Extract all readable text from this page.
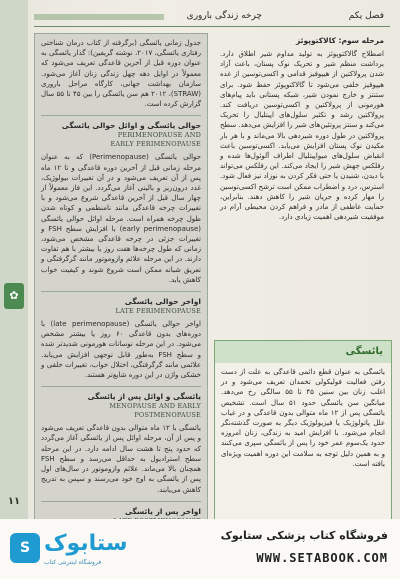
✿
۱۱
چرخه زندگی باروری	فصل یکم

جدول زمانی یائسگی (برگرفته از کتاب درمان شناختی رفتاری یائسگی، ۲۰۱۷، نوشته گریفین): گذار یائسگی به عنوان دوره قبل از آخرین قاعدگی تعریف می‌شود که معمولاً در اوایل دهه چهل زندگی زنان آغاز می‌شود. سازمان بهداشت جهانی، کارگاه مراحل باروری (STRAW)، ۲۰۱۲ هم سن یائسگی را بین ۴۵ تا ۵۵ سال گزارش کرده است.

حوالی یائسگی و اوائل حوالی یائسگی

PERIMENOPAUSE AND

EARLY PERIMENOPAUSE

حوالی یائسگی (Perimenopause) که به عنوان مرحله زمانی قبل از آخرین دوره قاعدگی و تا ۱۲ ماه پس از آن تعریف می‌شود و در آن تغییرات بیولوژیک، غدد درون‌ریز و بالینی آغاز می‌گردد. این فاز معمولاً از چهار سال قبل از آخرین قاعدگی شروع می‌شود و با تغییرات چرخه قاعدگی مانند نامنظمی و کوتاه شدن طول چرخه همراه است. مرحله اوائل حوالی یائسگی (early perimenopause) با افزایش سطح FSH و تغییرات جزئی در چرخه قاعدگی مشخص می‌شود، زمانی که طول چرخه‌ها هفت روز یا بیشتر با هم تفاوت دارند. در این مرحله علائم وازوموتور مانند گرگرفتگی و تعریق شبانه ممکن است شروع شوند و کیفیت خواب کاهش یابد.

اواخر حوالی یائسگی

LATE PERIMENOPAUSE

اواخر حوالی یائسگی (late perimenopause) با دوره‌های بدون قاعدگی ۶۰ روز یا بیشتر مشخص می‌شود. در این مرحله نوسانات هورمونی شدیدتر شده و سطح FSH به‌طور قابل توجهی افزایش می‌یابد. علائمی مانند گرگرفتگی، اختلال خواب، تغییرات خلقی و خشکی واژن در این دوره شایع‌تر هستند.

یائسگی و اوائل پس از یائسگی

MENOPAUSE AND EARLY

POSTMENOPAUSE

یائسگی با ۱۲ ماه متوالی بدون قاعدگی تعریف می‌شود و پس از آن، مرحله اوائل پس از یائسگی آغاز می‌گردد که حدود پنج تا هشت سال ادامه دارد. در این مرحله سطح استرادیول به حداقل می‌رسد و سطح FSH همچنان بالا می‌ماند. علائم وازوموتور در سال‌های اول پس از یائسگی به اوج خود می‌رسند و سپس به تدریج کاهش می‌یابند.

اواخر پس از یائسگی

مرحله سوم: کالاکتوپوئز

اصطلاح گالاکتوپوئز به تولید مداوم شیر اطلاق دارد. برداشت منظم شیر و تحریک نوک پستان، باعث آزاد شدن پرولاکتین از هیپوفیز قدامی و اکسی‌توسین از غده هیپوفیز خلفی می‌شود تا گالاکتوپوئز حفظ شود. برای ستنتز و خارج نمودن شیر، شبکه پستانی باید پیام‌های هورمونی از پرولاکتین و اکسی‌توسین دریافت کند. پرولاکتین رشد و تکثیر سلول‌های اپیتلیال را تحریک می‌کند و سنتز پروتئین‌های شیر را افزایش می‌دهد. سطح پرولاکتین در طول دوره شیردهی بالا می‌ماند و با هر بار مکیدن نوک پستان افزایش می‌یابد. اکسی‌توسین باعث انقباض سلول‌های میواپیتلیال اطراف آلوئول‌ها شده و رفلکس جهش شیر را ایجاد می‌کند. این رفلکس می‌تواند با دیدن، شنیدن یا حتی فکر کردن به نوزاد نیز فعال شود. استرس، درد و اضطراب ممکن است ترشح اکسی‌توسین را مهار کرده و جریان شیر را کاهش دهند. بنابراین، حمایت عاطفی از مادر و فراهم کردن محیطی آرام در موفقیت شیردهی اهمیت زیادی دارد.

یائسگی

یائسگی به عنوان قطع دائمی قاعدگی به علت از دست رفتن فعالیت فولیکولی تخمدان تعریف می‌شود و در اغلب زنان بین سنین ۴۵ تا ۵۵ سالگی رخ می‌دهد. میانگین سن یائسگی حدود ۵۱ سال است. تشخیص یائسگی پس از ۱۲ ماه متوالی بدون قاعدگی و در غیاب علل پاتولوژیک یا فیزیولوژیک دیگر به صورت گذشته‌نگر انجام می‌شود. با افزایش امید به زندگی، زنان امروزه حدود یک‌سوم عمر خود را پس از یائسگی سپری می‌کنند و به همین دلیل توجه به سلامت این دوره اهمیت ویژه‌ای یافته است.

S ستابوک
فروشگاه اینترنتی کتاب
فروشگاه کتاب پزشکی ستابوک
WWW.SETABOOK.COM
